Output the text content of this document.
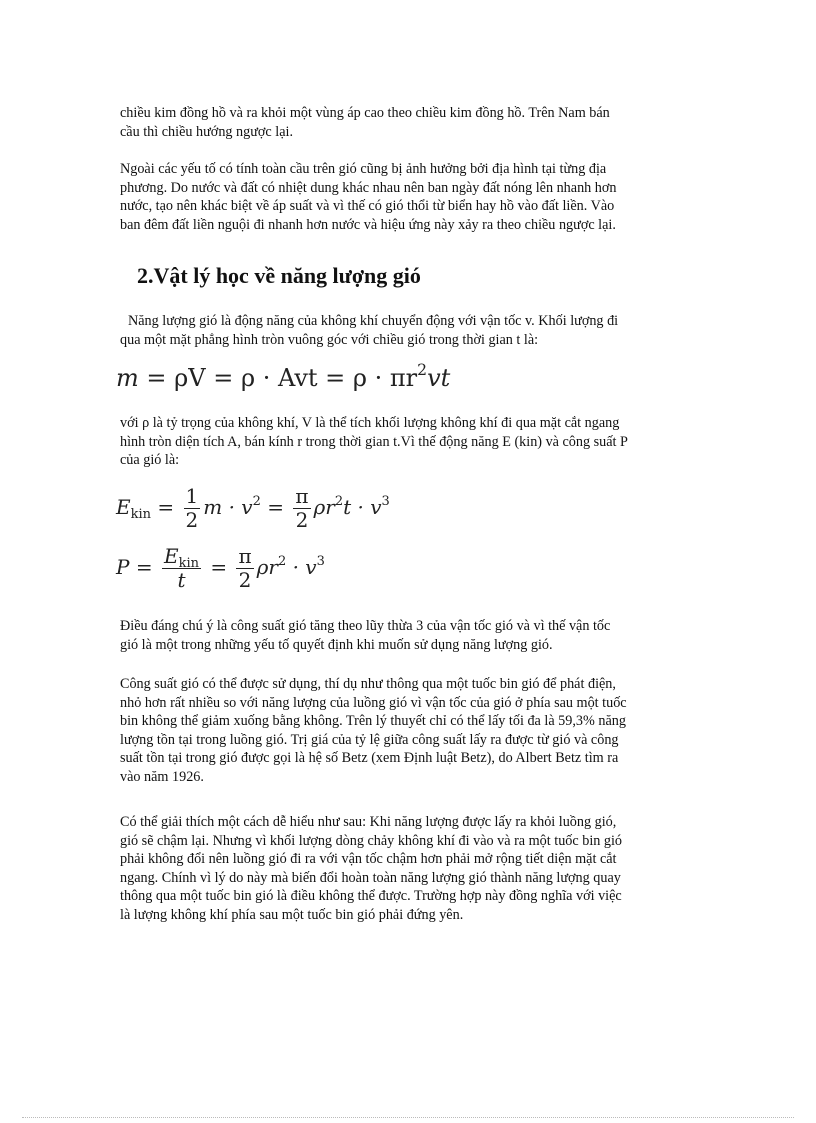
chiều kim đồng hồ và ra khỏi một vùng áp cao theo chiều kim đồng hồ. Trên Nam bán
cầu thì chiều hướng ngược lại.
Ngoài các yếu tố có tính toàn cầu trên gió cũng bị ảnh hưởng bởi địa hình tại từng địa
phương. Do nước và đất có nhiệt dung khác nhau nên ban ngày đất nóng lên nhanh hơn
nước, tạo nên khác biệt về áp suất và vì thế có gió thổi từ biển hay hồ vào đất liền. Vào
ban đêm đất liền nguội đi nhanh hơn nước và hiệu ứng này xảy ra theo chiều ngược lại.
2.Vật lý học về năng lượng gió
Năng lượng gió là động năng của không khí chuyển động với vận tốc v. Khối lượng đi
qua một mặt phẳng hình tròn vuông góc với chiều gió trong thời gian t là:
m = ρV = ρ · Avt = $\rho \cdot \pi r^2vt$
với ρ là tỷ trọng của không khí, V là thể tích khối lượng không khí đi qua mặt cắt ngang
hình tròn diện tích A, bán kính r trong thời gian t.Vì thế động năng E (kin) và công suất P
của gió là:
$E_{kin} = \frac{1}{2}$ $m \cdot v^2 = \frac{\pi}{2} \rho r^2t \cdot v^3$
$P = \frac{E_{kin}}{t} = \frac{\pi}{2} \rho r^2 \cdot v^3$
Điều đáng chú ý là công suất gió tăng theo lũy thừa 3 của vận tốc gió và vì thế vận tốc
gió là một trong những yếu tố quyết định khi muốn sử dụng năng lượng gió.
Công suất gió có thể được sử dụng, thí dụ như thông qua một tuốc bin gió để phát điện,
nhỏ hơn rất nhiều so với năng lượng của luồng gió vì vận tốc của gió ở phía sau một tuốc
bin không thể giảm xuống bằng không. Trên lý thuyết chỉ có thể lấy tối đa là 59,3% năng
lượng tồn tại trong luồng gió. Trị giá của tỷ lệ giữa công suất lấy ra được từ gió và công
suất tồn tại trong gió được gọi là hệ số Betz (xem Định luật Betz), do Albert Betz tìm ra
vào năm 1926.
Có thể giải thích một cách dễ hiểu như sau: Khi năng lượng được lấy ra khỏi luồng gió,
gió sẽ chậm lại. Nhưng vì khối lượng dòng chảy không khí đi vào và ra một tuốc bin gió
phải không đổi nên luồng gió đi ra với vận tốc chậm hơn phải mở rộng tiết diện mặt cắt
ngang. Chính vì lý do này mà biến đổi hoàn toàn năng lượng gió thành năng lượng quay
thông qua một tuốc bin gió là điều không thể được. Trường hợp này đồng nghĩa với việc
là lượng không khí phía sau một tuốc bin gió phải đứng yên.
